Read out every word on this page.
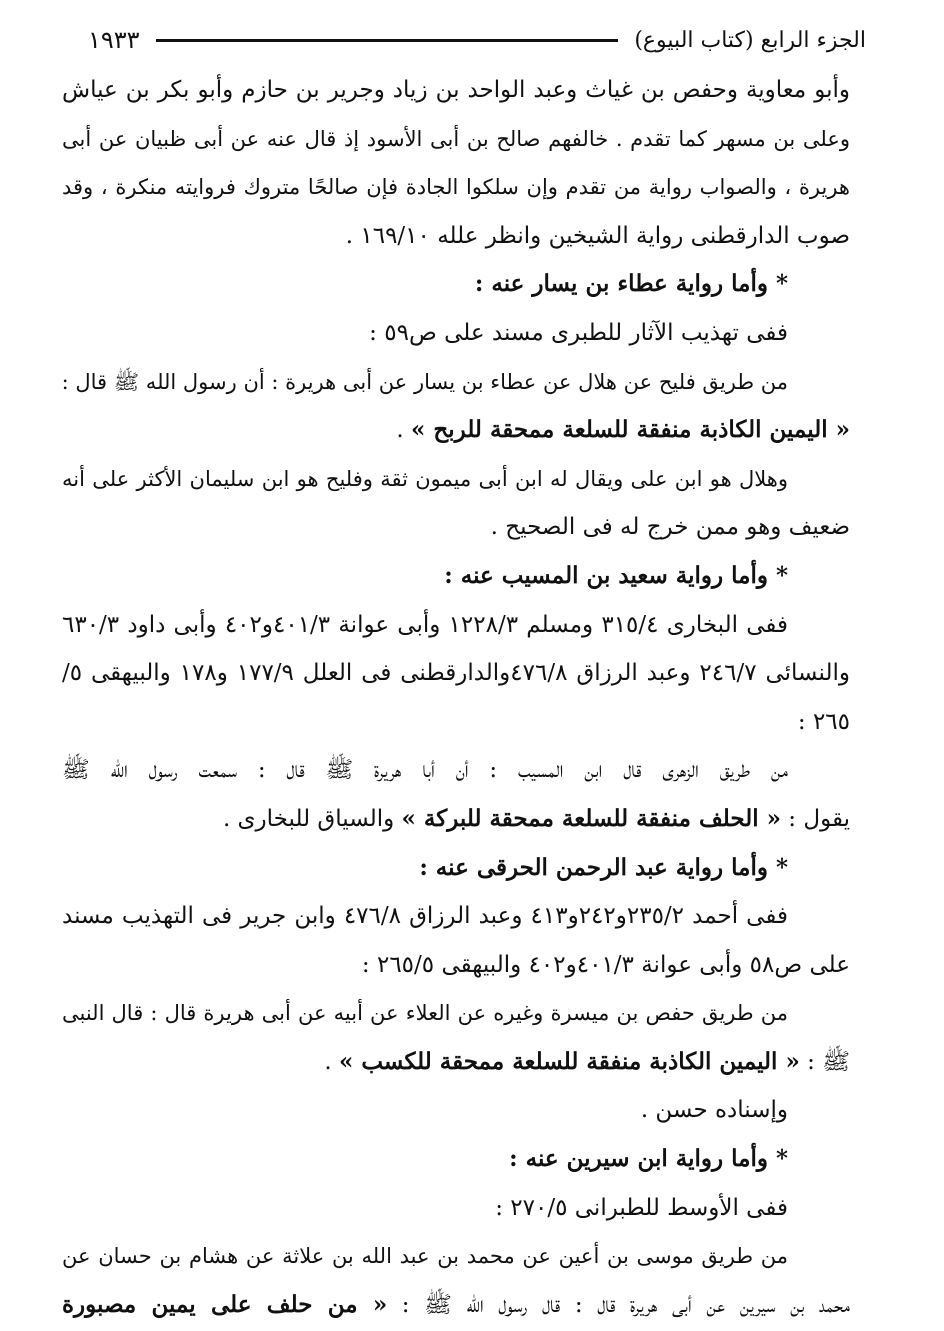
الجزء الرابع (كتاب البيوع)
١٩٣٣
وأبو معاوية وحفص بن غياث وعبد الواحد بن زياد وجرير بن حازم وأبو بكر بن عياش
وعلى بن مسهر كما تقدم . خالفهم صالح بن أبى الأسود إذ قال عنه عن أبى ظبيان عن أبى
هريرة ، والصواب رواية من تقدم وإن سلكوا الجادة فإن صالحًا متروك فروايته منكرة ، وقد
صوب الدارقطنى رواية الشيخين وانظر علله ١٦٩/١٠ .
* وأما رواية عطاء بن يسار عنه :
ففى تهذيب الآثار للطبرى مسند على ص٥٩ :
من طريق فليح عن هلال عن عطاء بن يسار عن أبى هريرة : أن رسول الله ﷺ قال :
« اليمين الكاذبة منفقة للسلعة ممحقة للربح » .
وهلال هو ابن على ويقال له ابن أبى ميمون ثقة وفليح هو ابن سليمان الأكثر على أنه
ضعيف وهو ممن خرج له فى الصحيح .
* وأما رواية سعيد بن المسيب عنه :
ففى البخارى ٣١٥/٤ ومسلم ١٢٢٨/٣ وأبى عوانة ٤٠١/٣و٤٠٢ وأبى داود ٦٣٠/٣
والنسائى ٢٤٦/٧ وعبد الرزاق ٤٧٦/٨والدارقطنى فى العلل ١٧٧/٩ و١٧٨ والبيهقى ٥/
٢٦٥ :
من طريق الزهرى قال ابن المسيب : أن أبا هريرة ﷺ قال : سمعت رسول الله ﷺ
يقول : « الحلف منفقة للسلعة ممحقة للبركة » والسياق للبخارى .
* وأما رواية عبد الرحمن الحرقى عنه :
ففى أحمد ٢٣٥/٢و٢٤٢و٤١٣ وعبد الرزاق ٤٧٦/٨ وابن جرير فى التهذيب مسند
على ص٥٨ وأبى عوانة ٤٠١/٣و٤٠٢ والبيهقى ٢٦٥/٥ :
من طريق حفص بن ميسرة وغيره عن العلاء عن أبيه عن أبى هريرة قال : قال النبى
ﷺ : « اليمين الكاذبة منفقة للسلعة ممحقة للكسب » .
وإسناده حسن .
* وأما رواية ابن سيرين عنه :
ففى الأوسط للطبرانى ٢٧٠/٥ :
من طريق موسى بن أعين عن محمد بن عبد الله بن علاثة عن هشام بن حسان عن
محمد بن سيرين عن أبى هريرة قال : قال رسول الله ﷺ : « من حلف على يمين مصبورة
